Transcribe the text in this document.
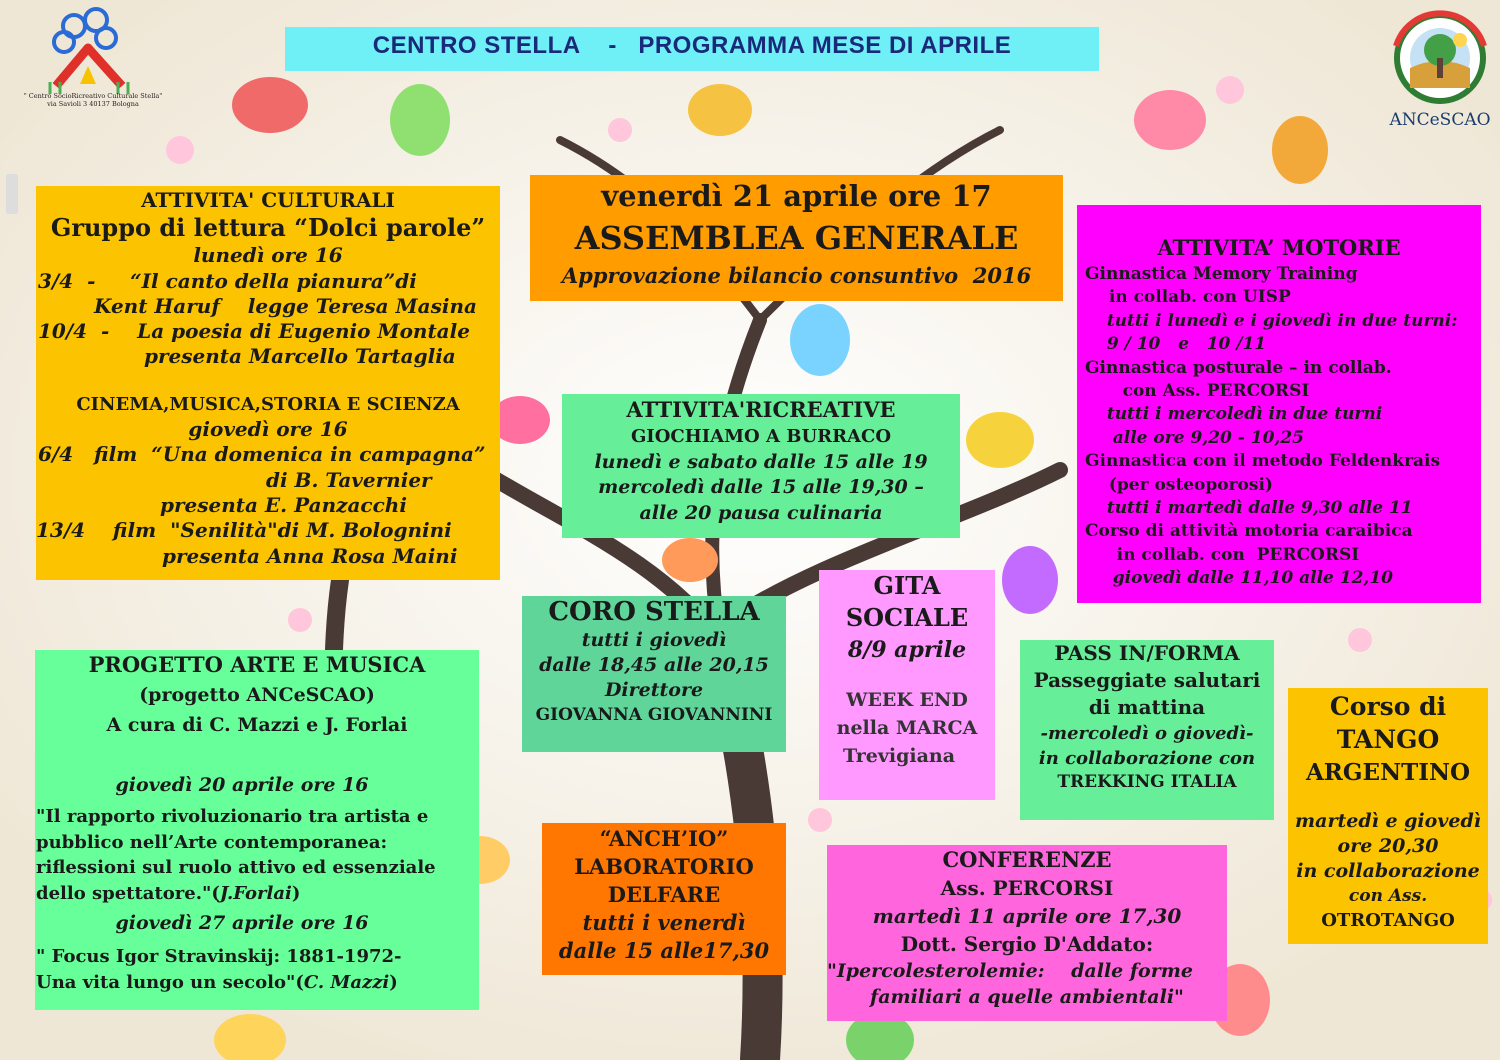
CENTRO STELLA    -   PROGRAMMA MESE DI APRILE
" Centro SocioRicreativo Culturale Stella"
via Savioli 3 40137 Bologna
ANCeSCAO
ATTIVITA' CULTURALI
Gruppo di lettura “Dolci parole”
lunedì ore 16
3/4  -     “Il canto della pianura”di
Kent Haruf    legge Teresa Masina
10/4  -    La poesia di Eugenio Montale
presenta Marcello Tartaglia
CINEMA,MUSICA,STORIA E SCIENZA
giovedì ore 16
6/4   film  “Una domenica in campagna”
di B. Tavernier
presenta E. Panzacchi
13/4    film  "Senilità"di M. Bolognini
presenta Anna Rosa Maini
venerdì 21 aprile ore 17
ASSEMBLEA GENERALE
Approvazione bilancio consuntivo  2016
ATTIVITA’ MOTORIE
Ginnastica Memory Training
in collab. con UISP
tutti i lunedì e i giovedì in due turni:
9 / 10   e   10 /11
Ginnastica posturale – in collab.
con Ass. PERCORSI
tutti i mercoledì in due turni
alle ore 9,20 - 10,25
Ginnastica con il metodo Feldenkrais
(per osteoporosi)
tutti i martedì dalle 9,30 alle 11
Corso di attività motoria caraibica
in collab. con  PERCORSI
giovedì dalle 11,10 alle 12,10
ATTIVITA'RICREATIVE
GIOCHIAMO A BURRACO
lunedì e sabato dalle 15 alle 19
mercoledì dalle 15 alle 19,30 –
alle 20 pausa culinaria
CORO STELLA
tutti i giovedì
dalle 18,45 alle 20,15
Direttore
GIOVANNA GIOVANNINI
GITA
SOCIALE
8/9 aprile
WEEK END
nella MARCA
Trevigiana
PASS IN/FORMA
Passeggiate salutari
di mattina
-mercoledì o giovedì-
in collaborazione con
TREKKING ITALIA
Corso di
TANGO
ARGENTINO
martedì e giovedì
ore 20,30
in collaborazione
con Ass.
OTROTANGO
PROGETTO ARTE E MUSICA
(progetto ANCeSCAO)
A cura di C. Mazzi e J. Forlai
giovedì 20 aprile ore 16
"Il rapporto rivoluzionario tra artista e
pubblico nell’Arte contemporanea:
riflessioni sul ruolo attivo ed essenziale
dello spettatore."(J.Forlai)
giovedì 27 aprile ore 16
" Focus Igor Stravinskij: 1881-1972-
Una vita lungo un secolo"(C. Mazzi)
“ANCH’IO”
LABORATORIO
DELFARE
tutti i venerdì
dalle 15 alle17,30
CONFERENZE
Ass. PERCORSI
martedì 11 aprile ore 17,30
Dott. Sergio D'Addato:
"Ipercolesterolemie:    dalle forme
familiari a quelle ambientali"
